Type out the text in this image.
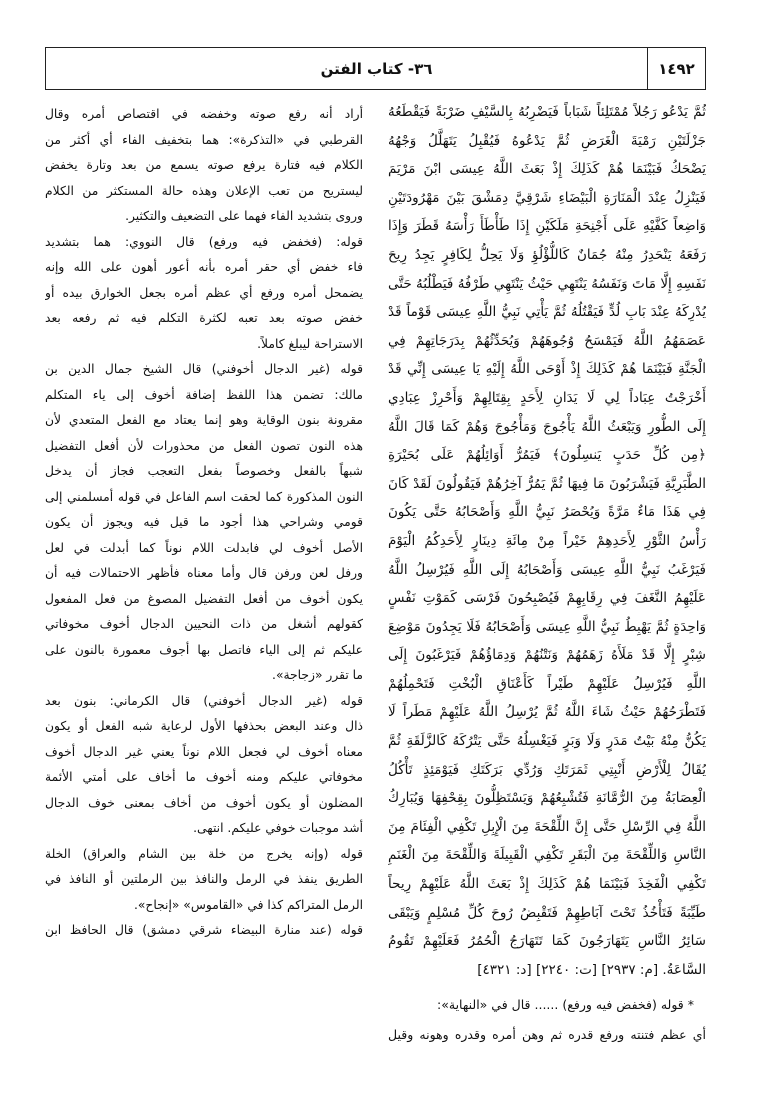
١٤٩٢
٣٦- كتاب الفتن
ثُمَّ يَدْعُو رَجُلاً مُمْتَلِئاً شَبَاباً فَيَضْرِبُهُ بِالسَّيْفِ ضَرْبَةً فَيَقْطَعُهُ
جَزْلَتَيْنِ رَمْيَةَ الْغَرَضِ ثُمَّ يَدْعُوهُ فَيُقْبِلُ يَتَهَلَّلُ وَجْهُهُ
يَضْحَكُ فَبَيْنَمَا هُمْ كَذَلِكَ إِذْ بَعَثَ اللَّهُ عِيسَى ابْنَ مَرْيَمَ
فَيَنْزِلُ عِنْدَ الْمَنَارَةِ الْبَيْضَاءِ شَرْقِيَّ دِمَشْقَ بَيْنَ مَهْرُودَتَيْنِ
وَاضِعاً كَفَّيْهِ عَلَى أَجْنِحَةِ مَلَكَيْنِ إِذَا طَأْطَأَ رَأْسَهُ قَطَرَ وَإِذَا
رَفَعَهُ يَنْحَدِرُ مِنْهُ جُمَانٌ كَاللُّؤْلُؤِ وَلَا يَحِلُّ لِكَافِرٍ يَجِدُ رِيحَ
نَفَسِهِ إِلَّا مَاتَ وَنَفَسُهُ يَنْتَهِي حَيْثُ يَنْتَهِي طَرْفُهُ فَيَطْلُبُهُ حَتَّى
يُدْرِكَهُ عِنْدَ بَابِ لُدٍّ فَيَقْتُلُهُ ثُمَّ يَأْتِي نَبِيُّ اللَّهِ عِيسَى قَوْماً قَدْ
عَصَمَهُمُ اللَّهُ فَيَمْسَحُ وُجُوهَهُمْ وَيُحَدِّثُهُمْ بِدَرَجَاتِهِمْ فِي
الْجَنَّةِ فَبَيْنَمَا هُمْ كَذَلِكَ إِذْ أَوْحَى اللَّهُ إِلَيْهِ يَا عِيسَى إِنِّي قَدْ
أَخْرَجْتُ عِبَاداً لِي لَا يَدَانِ لِأَحَدٍ بِقِتَالِهِمْ وَأَحْرِزْ عِبَادِي
إِلَى الطُّورِ وَيَبْعَثُ اللَّهُ يَأْجُوجَ وَمَأْجُوجَ وَهُمْ كَمَا قَالَ اللَّهُ
﴿مِن كُلِّ حَدَبٍ يَنسِلُونَ﴾ فَيَمُرُّ أَوَائِلُهُمْ عَلَى بُحَيْرَةِ
الطَّبَرِيَّةِ فَيَشْرَبُونَ مَا فِيهَا ثُمَّ يَمُرُّ آخِرُهُمْ فَيَقُولُونَ لَقَدْ كَانَ
فِي هَذَا مَاءٌ مَرَّةً وَيُحْصَرُ نَبِيُّ اللَّهِ وَأَصْحَابُهُ حَتَّى يَكُونَ
رَأْسُ الثَّوْرِ لِأَحَدِهِمْ خَيْراً مِنْ مِائَةِ دِينَارٍ لِأَحَدِكُمُ الْيَوْمَ
فَيَرْغَبُ نَبِيُّ اللَّهِ عِيسَى وَأَصْحَابُهُ إِلَى اللَّهِ فَيُرْسِلُ اللَّهُ
عَلَيْهِمُ النَّغَفَ فِي رِقَابِهِمْ فَيُصْبِحُونَ فَرْسَى كَمَوْتِ نَفْسٍ
وَاحِدَةٍ ثُمَّ يَهْبِطُ نَبِيُّ اللَّهِ عِيسَى وَأَصْحَابُهُ فَلَا يَجِدُونَ مَوْضِعَ
شِبْرٍ إِلَّا قَدْ مَلَأَهُ زَهَمُهُمْ وَنَتْنُهُمْ وَدِمَاؤُهُمْ فَيَرْغَبُونَ إِلَى
اللَّهِ فَيُرْسِلُ عَلَيْهِمْ طَيْراً كَأَعْنَاقِ الْبُخْتِ فَتَحْمِلُهُمْ
فَتَطْرَحُهُمْ حَيْثُ شَاءَ اللَّهُ ثُمَّ يُرْسِلُ اللَّهُ عَلَيْهِمْ مَطَراً لَا
يَكُنُّ مِنْهُ بَيْتُ مَدَرٍ وَلَا وَبَرٍ فَيَغْسِلُهُ حَتَّى يَتْرُكَهُ كَالزَّلَقَةِ ثُمَّ
يُقَالُ لِلْأَرْضِ أَنْبِتِي ثَمَرَتَكِ وَرُدِّي بَرَكَتَكِ فَيَوْمَئِذٍ تَأْكُلُ
الْعِصَابَةُ مِنَ الرُّمَّانَةِ فَتُشْبِعُهُمْ وَيَسْتَظِلُّونَ بِقِحْفِهَا وَيُبَارِكُ
اللَّهُ فِي الرِّسْلِ حَتَّى إِنَّ اللِّقْحَةَ مِنَ الْإِبِلِ تَكْفِي الْفِئَامَ مِنَ
النَّاسِ وَاللِّقْحَةَ مِنَ الْبَقَرِ تَكْفِي الْقَبِيلَةَ وَاللِّقْحَةَ مِنَ الْغَنَمِ
تَكْفِي الْفَخِذَ فَبَيْنَمَا هُمْ كَذَلِكَ إِذْ بَعَثَ اللَّهُ عَلَيْهِمْ رِيحاً
طَيِّبَةً فَتَأْخُذُ تَحْتَ آبَاطِهِمْ فَتَقْبِضُ رُوحَ كُلِّ مُسْلِمٍ وَيَبْقَى
سَائِرُ النَّاسِ يَتَهَارَجُونَ كَمَا تَتَهَارَجُ الْحُمُرُ فَعَلَيْهِمْ تَقُومُ
السَّاعَةُ. [م: ٢٩٣٧] [ت: ٢٢٤٠] [د: ٤٣٢١]
* قوله (فخفض فيه ورفع) ...... قال في «النهاية»:
أي عظم فتنته ورفع قدره ثم وهن أمره وقدره وهونه وقيل
أراد أنه رفع صوته وخفضه في اقتصاص أمره وقال
القرطبي في «التذكرة»: هما بتخفيف الفاء أي أكثر من
الكلام فيه فتارة يرفع صوته يسمع من بعد وتارة يخفض
ليستريح من تعب الإعلان وهذه حالة المستكثر من الكلام
وروى بتشديد الفاء فهما على التضعيف والتكثير.
قوله: (فخفض فيه ورفع) قال النووي: هما بتشديد
فاء خفض أي حقر أمره بأنه أعور أهون على الله وإنه
يضمحل أمره ورفع أي عظم أمره بجعل الخوارق بيده أو
خفض صوته بعد تعبه لكثرة التكلم فيه ثم رفعه بعد
الاستراحة ليبلغ كاملاً.
قوله (غير الدجال أخوفني) قال الشيخ جمال الدين بن
مالك: تضمن هذا اللفظ إضافة أخوف إلى ياء المتكلم
مقرونة بنون الوقاية وهو إنما يعتاد مع الفعل المتعدي لأن
هذه النون تصون الفعل من محذورات لأن أفعل التفضيل
شبهاً بالفعل وخصوصاً بفعل التعجب فجاز أن يدخل
النون المذكورة كما لحقت اسم الفاعل في قوله أمسلمني إلى
قومي وشراحي هذا أجود ما قيل فيه ويجوز أن يكون
الأصل أخوف لي فابدلت اللام نوناً كما أبدلت في لعل
ورفل لعن ورفن قال وأما معناه فأظهر الاحتمالات فيه أن
يكون أخوف من أفعل التفضيل المصوغ من فعل المفعول
كقولهم أشغل من ذات النحيين الدجال أخوف مخوفاتي
عليكم ثم إلى الياء فاتصل بها أجوف معمورة بالنون على
ما تقرر «زجاجة».
قوله (غير الدجال أخوفني) قال الكرماني: بنون بعد
ذال وعند البعض بحذفها الأول لرعاية شبه الفعل أو يكون
معناه أخوف لي فجعل اللام نوناً يعني غير الدجال أخوف
مخوفاتي عليكم ومنه أخوف ما أخاف على أمتي الأئمة
المضلون أو يكون أخوف من أخاف بمعنى خوف الدجال
أشد موجبات خوفي عليكم. انتهى.
قوله (وإنه يخرج من خلة بين الشام والعراق) الخلة
الطريق ينفذ في الرمل والنافذ بين الرملتين أو النافذ في
الرمل المتراكم كذا في «القاموس» «إنجاح».
قوله (عند منارة البيضاء شرقي دمشق) قال الحافظ ابن
